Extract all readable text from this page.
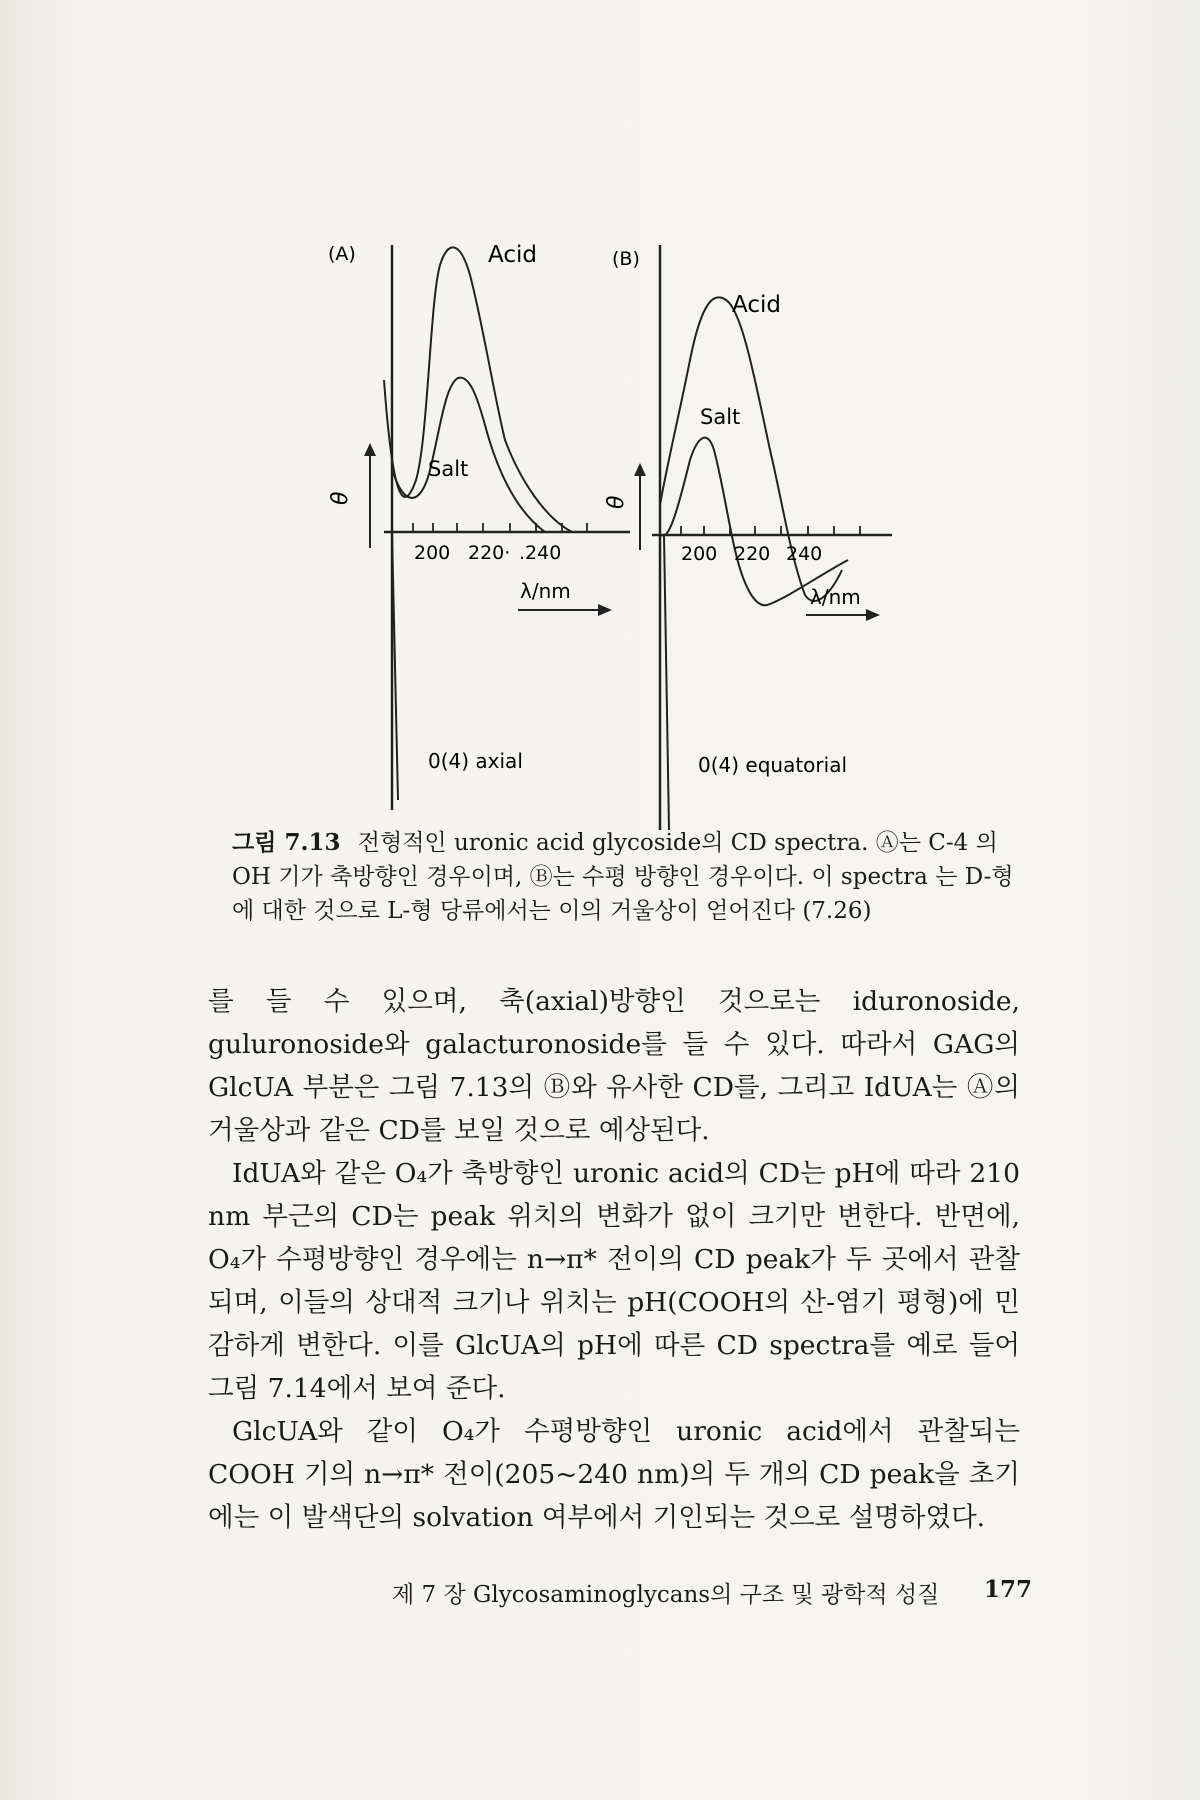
(A)	Acid
Salt
θ
200 220· .240
λ/nm
0(4) axial
(B)
Acid
Salt
θ
200 220 240
λ/nm
0(4) equatorial

그림 7.13 전형적인 uronic acid glycoside의 CD spectra. Ⓐ는 C-4 의 OH 기가 축방향인 경우이며, Ⓑ는 수평 방향인 경우이다. 이 spectra 는 D-형에 대한 것으로 L-형 당류에서는 이의 거울상이 얻어진다 (7.26)

를 들 수 있으며, 축(axial)방향인 것으로는 iduronoside, guluronoside와 galacturonoside를 들 수 있다. 따라서 GAG의 GlcUA 부분은 그림 7.13의 Ⓑ와 유사한 CD를, 그리고 IdUA는 Ⓐ의 거울상과 같은 CD를 보일 것으로 예상된다.

IdUA와 같은 O₄가 축방향인 uronic acid의 CD는 pH에 따라 210 nm 부근의 CD는 peak 위치의 변화가 없이 크기만 변한다. 반면에, O₄가 수평방향인 경우에는 n→π* 전이의 CD peak가 두 곳에서 관찰되며, 이들의 상대적 크기나 위치는 pH(COOH의 산-염기 평형)에 민감하게 변한다. 이를 GlcUA의 pH에 따른 CD spectra를 예로 들어 그림 7.14에서 보여 준다.

GlcUA와 같이 O₄가 수평방향인 uronic acid에서 관찰되는 COOH 기의 n→π* 전이(205~240 nm)의 두 개의 CD peak을 초기에는 이 발색단의 solvation 여부에서 기인되는 것으로 설명하였다.

제 7 장 Glycosaminoglycans의 구조 및 광학적 성질 177
